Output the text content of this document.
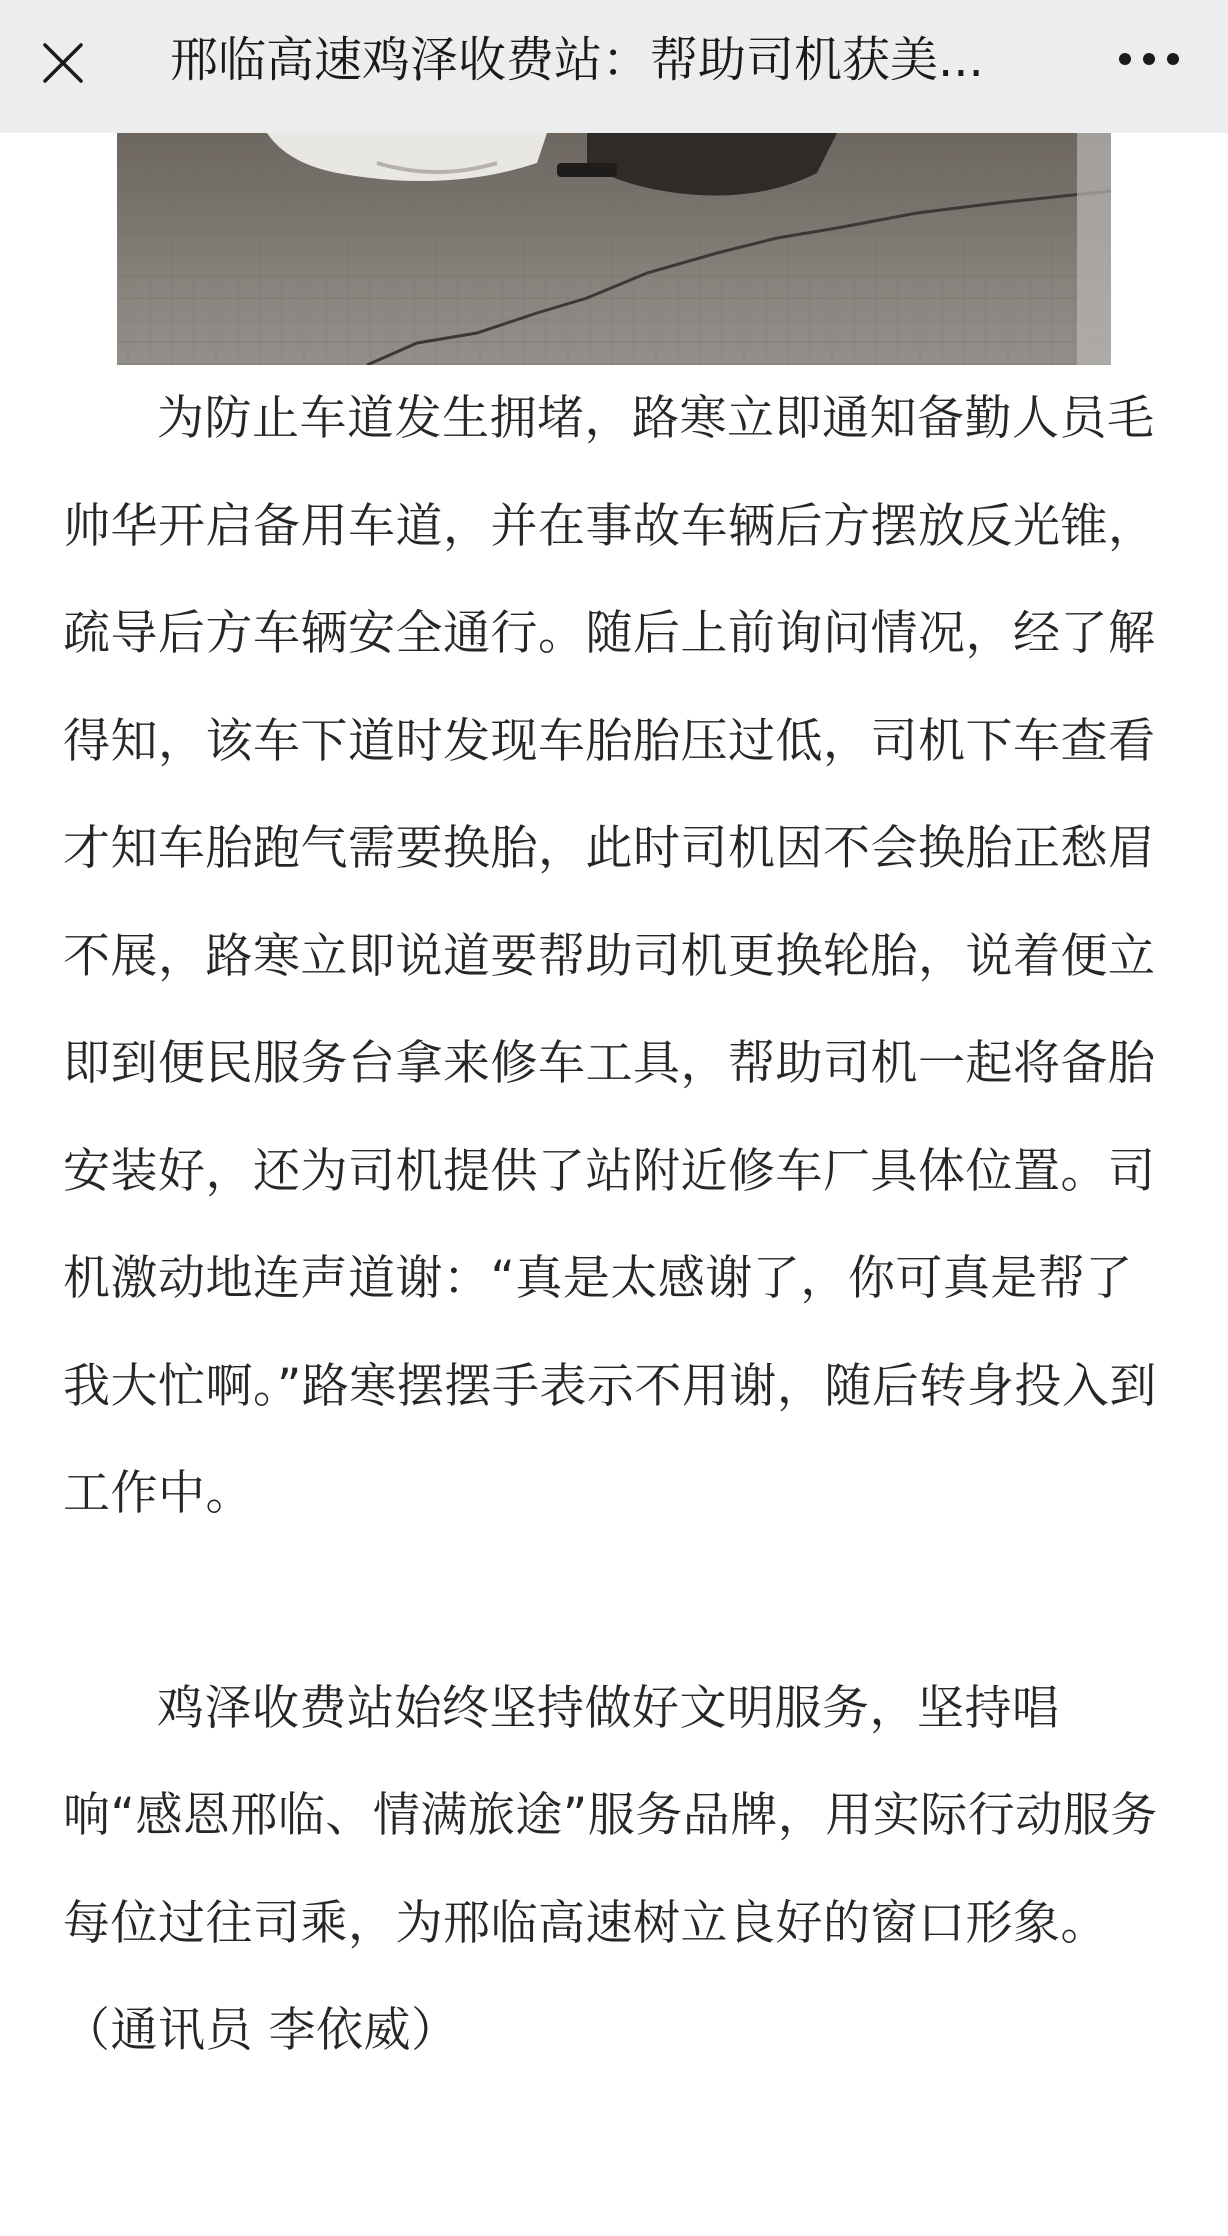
邢临高速鸡泽收费站：帮助司机获美...

为防止车道发生拥堵，路寒立即通知备勤人员毛帅华开启备用车道，并在事故车辆后方摆放反光锥，疏导后方车辆安全通行。随后上前询问情况，经了解得知，该车下道时发现车胎胎压过低，司机下车查看才知车胎跑气需要换胎，此时司机因不会换胎正愁眉不展，路寒立即说道要帮助司机更换轮胎，说着便立即到便民服务台拿来修车工具，帮助司机一起将备胎安装好，还为司机提供了站附近修车厂具体位置。司机激动地连声道谢：“真是太感谢了，你可真是帮了我大忙啊。”路寒摆摆手表示不用谢，随后转身投入到工作中。

鸡泽收费站始终坚持做好文明服务，坚持唱响“感恩邢临、情满旅途”服务品牌，用实际行动服务每位过往司乘，为邢临高速树立良好的窗口形象。（通讯员 李依威）
